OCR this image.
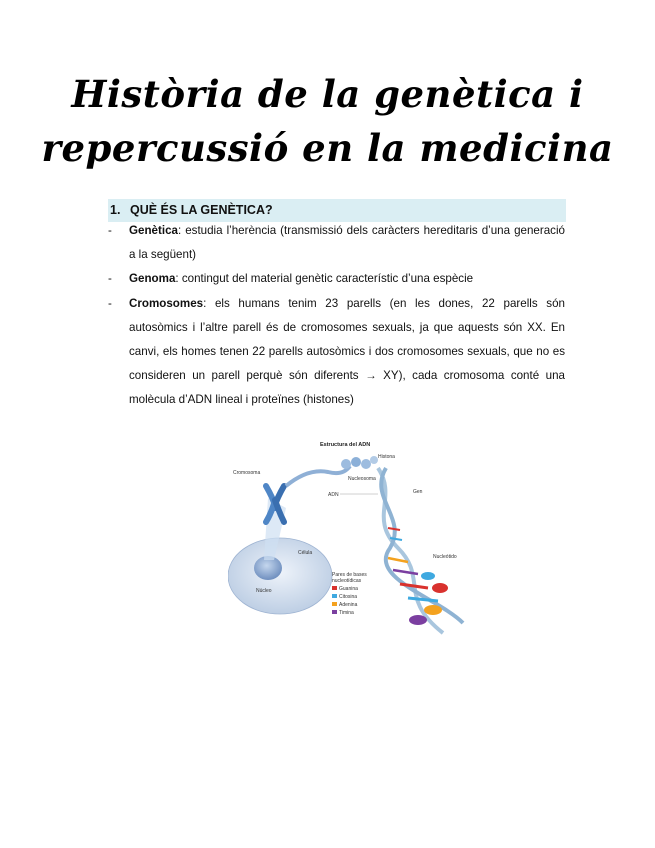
Història de la genètica i
repercussió en la medicina
1. QUÈ ÉS LA GENÈTICA?
- Genètica: estudia l’herència (transmissió dels caràcters hereditaris d’una generació a la següent)
- Genoma: contingut del material genètic característic d’una espècie
- Cromosomes: els humans tenim 23 parells (en les dones, 22 parells són autosòmics i l’altre parell és de cromosomes sexuals, ja que aquests són XX. En canvi, els homes tenen 22 parells autosòmics i dos cromosomes sexuals, que no es consideren un parell perquè són diferents → XY), cada cromosoma conté una molècula d’ADN lineal i proteïnes (histones)
Estructura del ADN
Célula
Núcleo
Cromosoma
Histona
Nucleosoma
ADN	Gen
Nucleótido
Pares de bases
nucleotídicas
Guanina
Citosina
Adenina
Timina
